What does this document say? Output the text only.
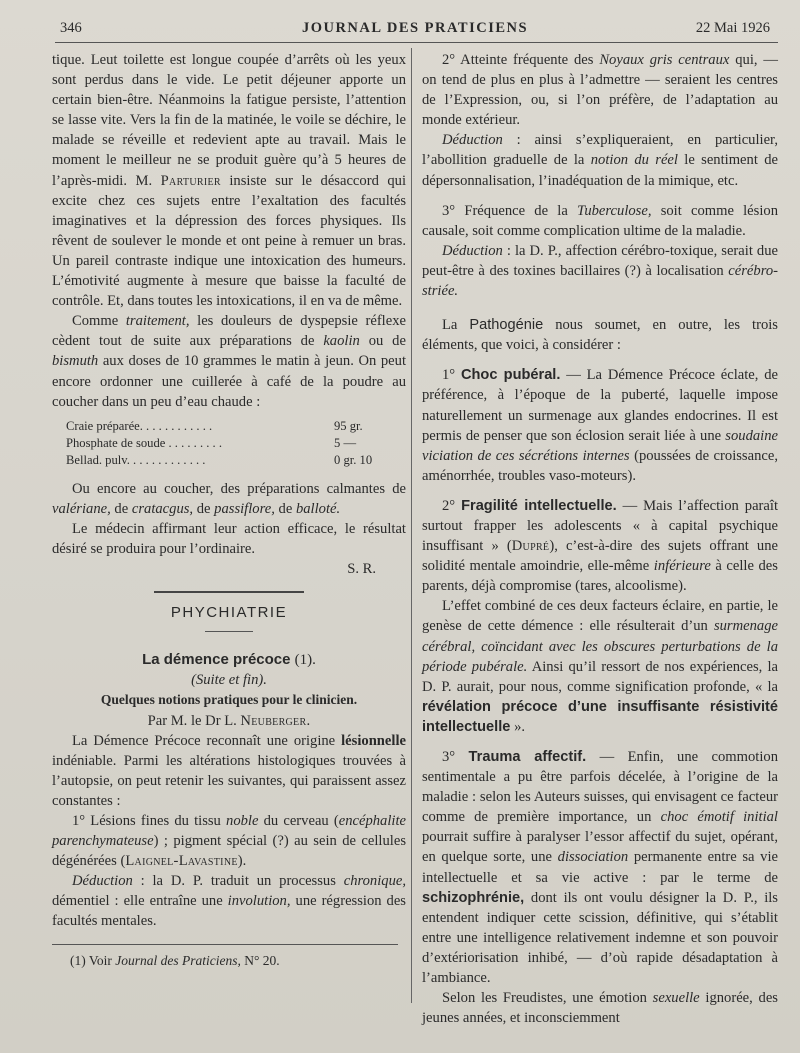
346	JOURNAL DES PRATICIENS	22 Mai 1926

tique. Leut toilette est longue coupée d’arrêts où les yeux sont perdus dans le vide. Le petit déjeuner apporte un certain bien-être. Néanmoins la fatigue persiste, l’attention se lasse vite. Vers la fin de la matinée, le voile se déchire, le malade se réveille et redevient apte au travail. Mais le moment le meilleur ne se produit guère qu’à 5 heures de l’après-midi. M. Parturier insiste sur le désaccord qui excite chez ces sujets entre l’exaltation des facultés imaginatives et la dépression des forces physiques. Ils rêvent de soulever le monde et ont peine à remuer un bras. Un pareil contraste indique une intoxication des humeurs. L’émotivité augmente à mesure que baisse la faculté de contrôle. Et, dans toutes les intoxications, il en va de même.

Comme traitement, les douleurs de dyspepsie réflexe cèdent tout de suite aux préparations de kaolin ou de bismuth aux doses de 10 grammes le matin à jeun. On peut encore ordonner une cuillerée à café de la poudre au coucher dans un peu d’eau chaude :

Craie préparée. . . . . . . . . . . .	95 gr.
Phosphate de soude . . . . . . . . .	5 —
Bellad. pulv. . . . . . . . . . . . .	0 gr. 10

Ou encore au coucher, des préparations calmantes de valériane, de cratacgus, de passiflore, de balloté.

Le médecin affirmant leur action efficace, le résultat désiré se produira pour l’ordinaire.

S. R.

PHYCHIATRIE

La démence précoce (1).

(Suite et fin).

Quelques notions pratiques pour le clinicien.

Par M. le Dr L. Neuberger.

La Démence Précoce reconnaît une origine lésionnelle indéniable. Parmi les altérations histologiques trouvées à l’autopsie, on peut retenir les suivantes, qui paraissent assez constantes :

1° Lésions fines du tissu noble du cerveau (encéphalite parenchymateuse) ; pigment spécial (?) au sein de cellules dégénérées (Laignel-Lavastine).

Déduction : la D. P. traduit un processus chronique, démentiel : elle entraîne une involution, une régression des facultés mentales.

(1) Voir Journal des Praticiens, N° 20.

2° Atteinte fréquente des Noyaux gris centraux qui, — on tend de plus en plus à l’admettre — seraient les centres de l’Expression, ou, si l’on préfère, de l’adaptation au monde extérieur.

Déduction : ainsi s’expliqueraient, en particulier, l’abollition graduelle de la notion du réel le sentiment de dépersonnalisation, l’inadéquation de la mimique, etc.

3° Fréquence de la Tuberculose, soit comme lésion causale, soit comme complication ultime de la maladie.

Déduction : la D. P., affection cérébro-toxique, serait due peut-être à des toxines bacillaires (?) à localisation cérébro-striée.

La Pathogénie nous soumet, en outre, les trois éléments, que voici, à considérer :

1° Choc pubéral. — La Démence Précoce éclate, de préférence, à l’époque de la puberté, laquelle impose naturellement un surmenage aux glandes endocrines. Il est permis de penser que son éclosion serait liée à une soudaine viciation de ces sécrétions internes (poussées de croissance, aménorrhée, troubles vaso-moteurs).

2° Fragilité intellectuelle. — Mais l’affection paraît surtout frapper les adolescents « à capital psychique insuffisant » (Dupré), c’est-à-dire des sujets offrant une solidité mentale amoindrie, elle-même inférieure à celle des parents, déjà compromise (tares, alcoolisme).

L’effet combiné de ces deux facteurs éclaire, en partie, le genèse de cette démence : elle résulterait d’un surmenage cérébral, coïncidant avec les obscures perturbations de la période pubérale. Ainsi qu’il ressort de nos expériences, la D. P. aurait, pour nous, comme signification profonde, « la révélation précoce d’une insuffisante résistivité intellectuelle ».

3° Trauma affectif. — Enfin, une commotion sentimentale a pu être parfois décelée, à l’origine de la maladie : selon les Auteurs suisses, qui envisagent ce facteur comme de première importance, un choc émotif initial pourrait suffire à paralyser l’essor affectif du sujet, opérant, en quelque sorte, une dissociation permanente entre sa vie intellectuelle et sa vie active : par le terme de schizophrénie, dont ils ont voulu désigner la D. P., ils entendent indiquer cette scission, définitive, qui s’établit entre une intelligence relativement indemne et son pouvoir d’extériorisation inhibé, — d’où rapide désadaptation à l’ambiance.

Selon les Freudistes, une émotion sexuelle ignorée, des jeunes années, et inconsciemment
